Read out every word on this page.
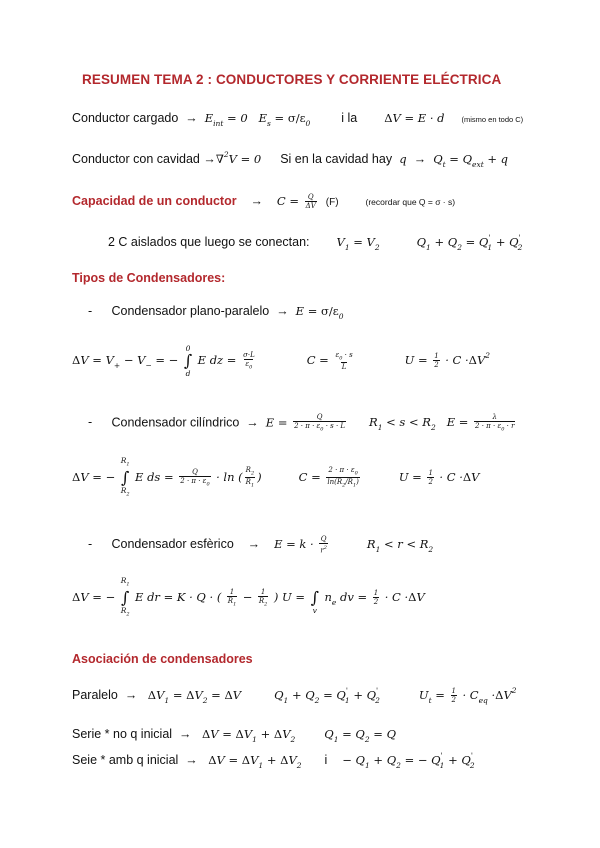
RESUMEN TEMA 2 : CONDUCTORES Y CORRIENTE ELÉCTRICA
Conductor cargado  →  $E_{int} = 0$   $E_s = \sigma/\varepsilon_0$ i la ΔV = E · d (mismo en todo C)
Conductor con cavidad →∇$^2$V = 0 Si en la cavidad hay  $q \to Q_t = Q_{ext} + q$
Capacidad de un conductor    →    $C = \frac{Q}{\Delta V} (F)$	(recordar que Q = σ · s)
2 C aislados que luego se conectan: $V_1 = V_2$	$Q_1 + Q_2 = Q'_1 + Q'_2$
Tipos de Condensadores:
- Condensador plano-paralelo  →  $E = \sigma/\varepsilon_0$
$\Delta V = V_+ - V_-$ = −
0
∫
d
E dz = $\frac{\sigma\cdot L}{\varepsilon_0}$	$C = \frac{\varepsilon_0 \cdot s}{L}$	$U = \frac{1}{2} \cdot C \cdot\Delta V^2$
- Condensador cilíndrico  →  $E = \frac{Q}{2 \cdot \pi \cdot \varepsilon_0 \cdot s \cdot L} R_1 < s < R_2$   $E = \frac{\lambda}{2 \cdot \pi \cdot \varepsilon_0 \cdot r}$
ΔV = −
$R_1$
∫
$R_2$
E ds = $\frac{Q}{2 \cdot \pi \cdot \varepsilon_0} \cdot \ln$ ( $\frac{R_2}{R_1}$ )	$C = \frac{2 \cdot \pi \cdot \varepsilon_0}{\ln(R_2/R_1)}$	$U = \frac{1}{2} \cdot C \cdot\Delta V$
- Condensador esfèrico    →    $E = k \cdot \frac{Q}{r^2}$	$R_1 < r < R_2$
ΔV = −
$R_1$
∫
$R_2$
E dr = K · Q · ( $\frac{1}{R_1} - \frac{1}{R_2}$ ) U =
∫
v
$n_e$ dv = $\frac{1}{2} \cdot C \cdot\Delta V$
Asociación de condensadores
Paralelo  →   $\Delta V_1 = \Delta V_2 = \Delta V$	$Q_1 + Q_2 = Q'_1 + Q'_2$	$U_t = \frac{1}{2} \cdot C_{eq} \cdot\Delta V^2$
Serie * no q inicial  →   $\Delta V = \Delta V_1 + \Delta V_2$	$Q_1 = Q_2 = Q$
Seie * amb q inicial  →   $\Delta V = \Delta V_1 + \Delta V_2$ $i - Q_1 + Q_2$ = − $Q'_1 + Q'_2$
